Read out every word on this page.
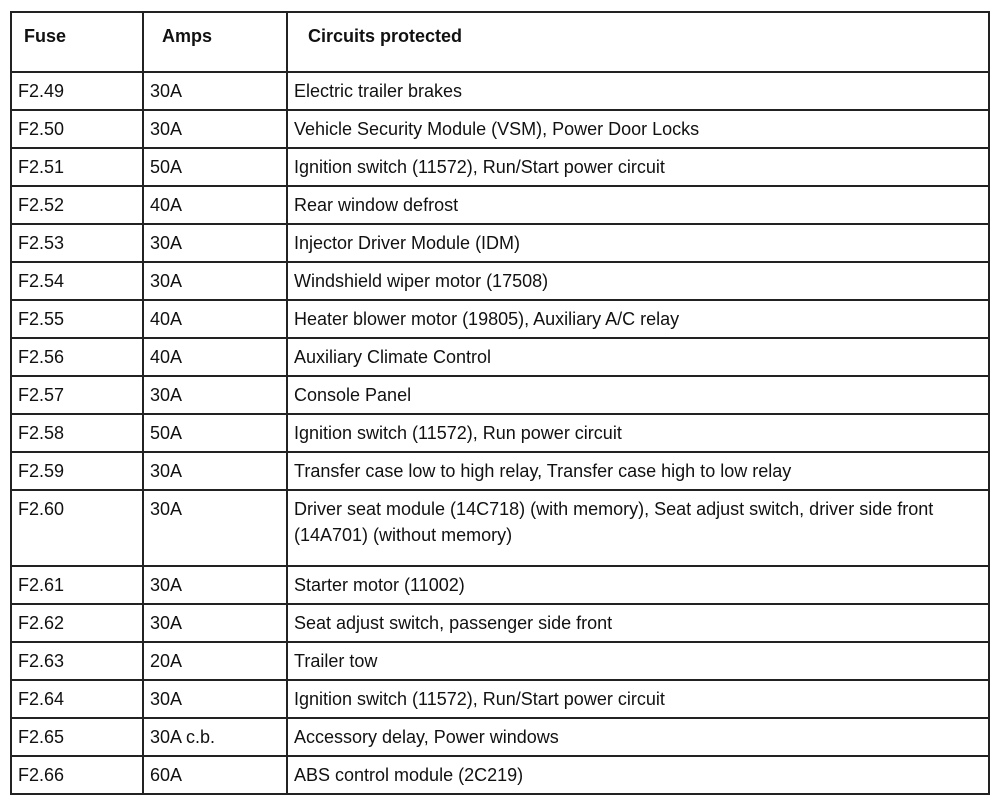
Fuse	Amps	Circuits protected
F2.49	30A	Electric trailer brakes
F2.50	30A	Vehicle Security Module (VSM), Power Door Locks
F2.51	50A	Ignition switch (11572), Run/Start power circuit
F2.52	40A	Rear window defrost
F2.53	30A	Injector Driver Module (IDM)
F2.54	30A	Windshield wiper motor (17508)
F2.55	40A	Heater blower motor (19805), Auxiliary A/C relay
F2.56	40A	Auxiliary Climate Control
F2.57	30A	Console Panel
F2.58	50A	Ignition switch (11572), Run power circuit
F2.59	30A	Transfer case low to high relay, Transfer case high to low relay
F2.60	30A	Driver seat module (14C718) (with memory), Seat adjust switch, driver side front (14A701) (without memory)
F2.61	30A	Starter motor (11002)
F2.62	30A	Seat adjust switch, passenger side front
F2.63	20A	Trailer tow
F2.64	30A	Ignition switch (11572), Run/Start power circuit
F2.65	30A c.b.	Accessory delay, Power windows
F2.66	60A	ABS control module (2C219)
